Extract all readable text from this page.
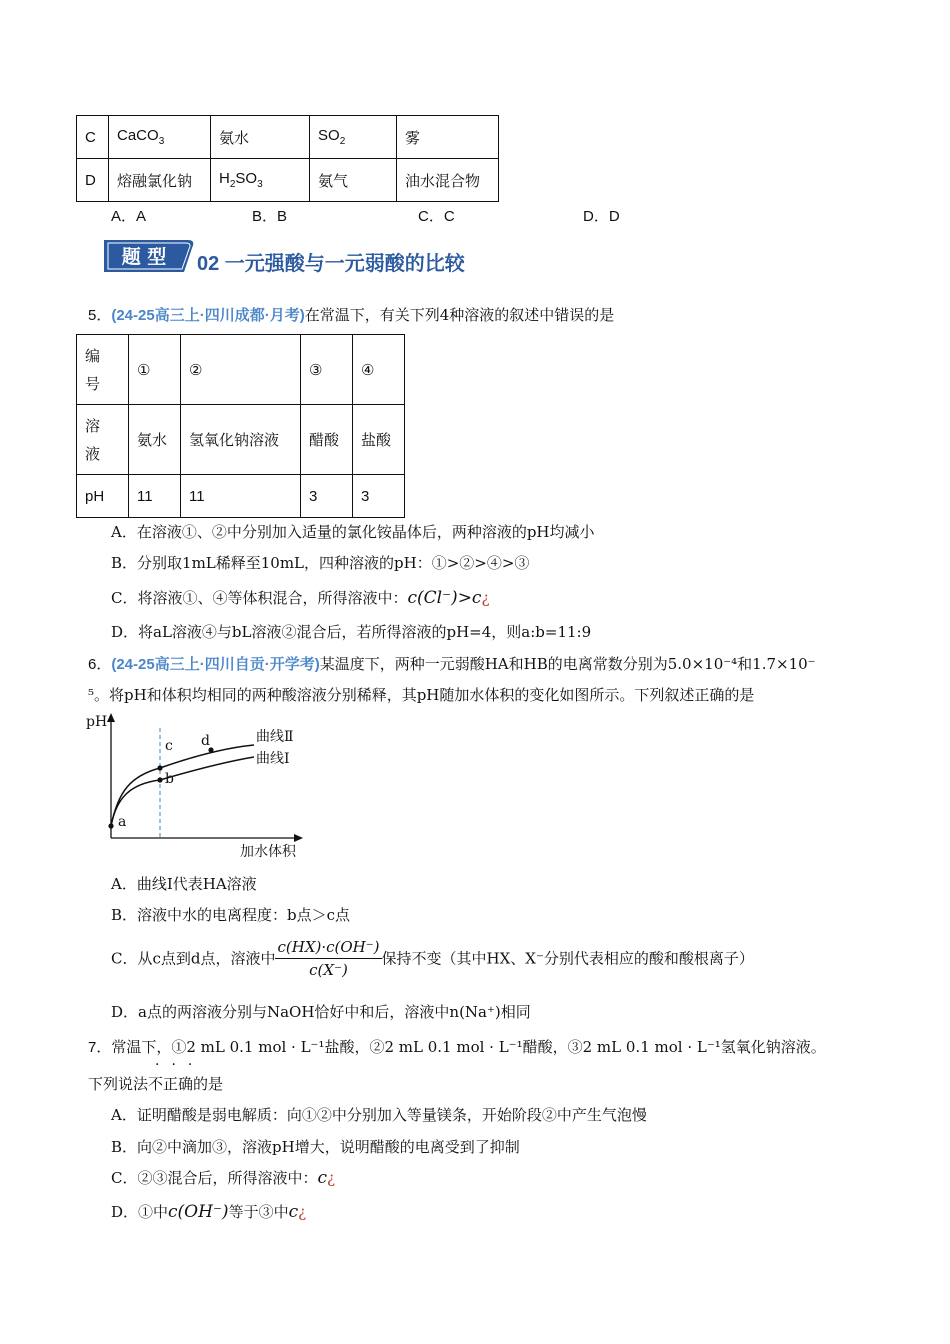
C	CaCO$_3$	氨水	$SO_2$	雾
D	熔融氯化钠	$H_2SO_3$	氨气	油水混合物
A．A	B．B	C．C	D．D
题 型 02 一元强酸与一元弱酸的比较
5．(24-25高三上·四川成都·月考)在常温下，有关下列4种溶液的叙述中错误的是
编号	①	②	③	④

溶液	氨水	氢氧化钠溶液	醋酸	盐酸
pH	11	11	3	3
A．在溶液①、②中分别加入适量的氯化铵晶体后，两种溶液的pH均减小
B．分别取1mL稀释至10mL，四种溶液的pH：①>②>④>③
C．将溶液①、④等体积混合，所得溶液中：c(Cl⁻)>c¿
D．将aL溶液④与bL溶液②混合后，若所得溶液的pH=4，则a:b=11:9
6．(24-25高三上·四川自贡·开学考)某温度下，两种一元弱酸HA和HB的电离常数分别为5.0×10⁻⁴和1.7×10⁻
⁵。将pH和体积均相同的两种酸溶液分别稀释，其pH随加水体积的变化如图所示。下列叙述正确的是
pH
加水体积
曲线Ⅱ
曲线Ⅰ
a
b
c d
A．曲线Ⅰ代表HA溶液
B．溶液中水的电离程度：b点＞c点
C．从c点到d点，溶液中 $\frac{c(HX)\cdot c(OH^-)}{c(X^-)}$ 保持不变（其中HX、X⁻分别代表相应的酸和酸根离子）
D．a点的两溶液分别与NaOH恰好中和后，溶液中n(Na⁺)相同
7．常温下，①2 mL 0.1 mol · L⁻¹盐酸，②2 mL 0.1 mol · L⁻¹醋酸，③2 mL 0.1 mol · L⁻¹氢氧化钠溶液。
···
下列说法不正确的是
A．证明醋酸是弱电解质：向①②中分别加入等量镁条，开始阶段②中产生气泡慢
B．向②中滴加③，溶液pH增大，说明醋酸的电离受到了抑制
C．②③混合后，所得溶液中：c¿
D．①中c(OH⁻)等于③中c¿
